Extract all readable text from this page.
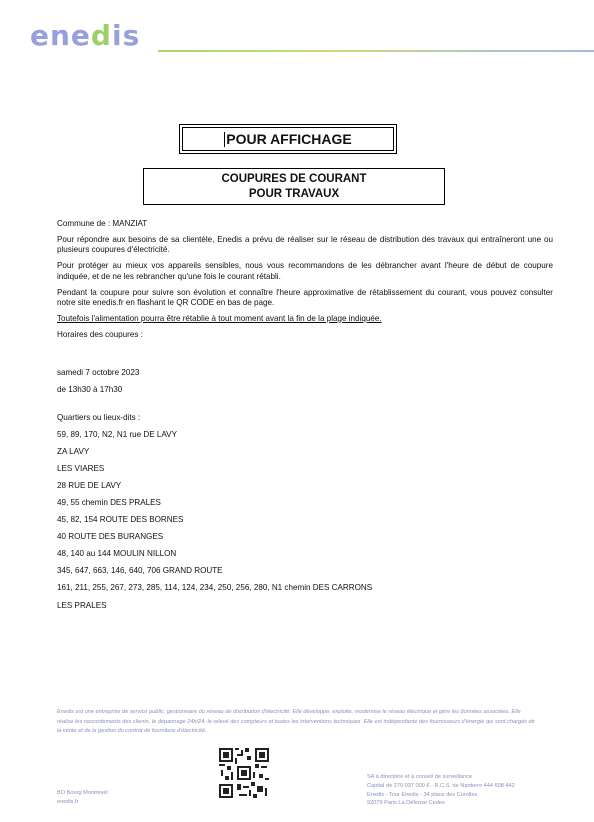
enedis
POUR AFFICHAGE
COUPURES DE COURANT
POUR TRAVAUX

Commune de : MANZIAT

Pour répondre aux besoins de sa clientèle, Enedis a prévu de réaliser sur le réseau de distribution des travaux qui entraîneront une ou plusieurs coupures d'électricité.

Pour protéger au mieux vos appareils sensibles, nous vous recommandons de les débrancher avant l'heure de début de coupure indiquée, et de ne les rebrancher qu'une fois le courant rétabli.

Pendant la coupure pour suivre son évolution et connaître l'heure approximative de rétablissement du courant, vous pouvez consulter notre site enedis.fr en flashant le QR CODE en bas de page.

Toutefois l'alimentation pourra être rétablie à tout moment avant la fin de la plage indiquée.

Horaires des coupures :

samedi 7 octobre 2023

de 13h30 à 17h30

Quartiers ou lieux-dits :

59, 89, 170, N2, N1 rue DE LAVY

ZA LAVY

LES VIARES

28 RUE DE LAVY

49, 55 chemin DES PRALES

45, 82, 154 ROUTE DES BORNES

40 ROUTE DES BURANGES

48, 140 au 144 MOULIN NILLON

345, 647, 663, 146, 640, 706 GRAND ROUTE

161, 211, 255, 267, 273, 285, 114, 124, 234, 250, 256, 280, N1 chemin DES CARRONS

LES PRALES

Enedis est une entreprise de service public, gestionnaire du réseau de distribution d'électricité. Elle développe, exploite, modernise le réseau électrique et gère les données associées. Elle réalise les raccordements des clients, le dépannage 24h/24, le relevé des compteurs et toutes les interventions techniques. Elle est indépendante des fournisseurs d'énergie qui sont chargés de la vente et de la gestion du contrat de fourniture d'électricité.
BO Bourg Montrevel
enedis.fr
SA à directoire et à conseil de surveillance
Capital de 270 037 000 € - R.C.S. de Nanterre 444 608 442
Enedis - Tour Enedis - 34 place des Corolles
92079 Paris La Défense Cedex
